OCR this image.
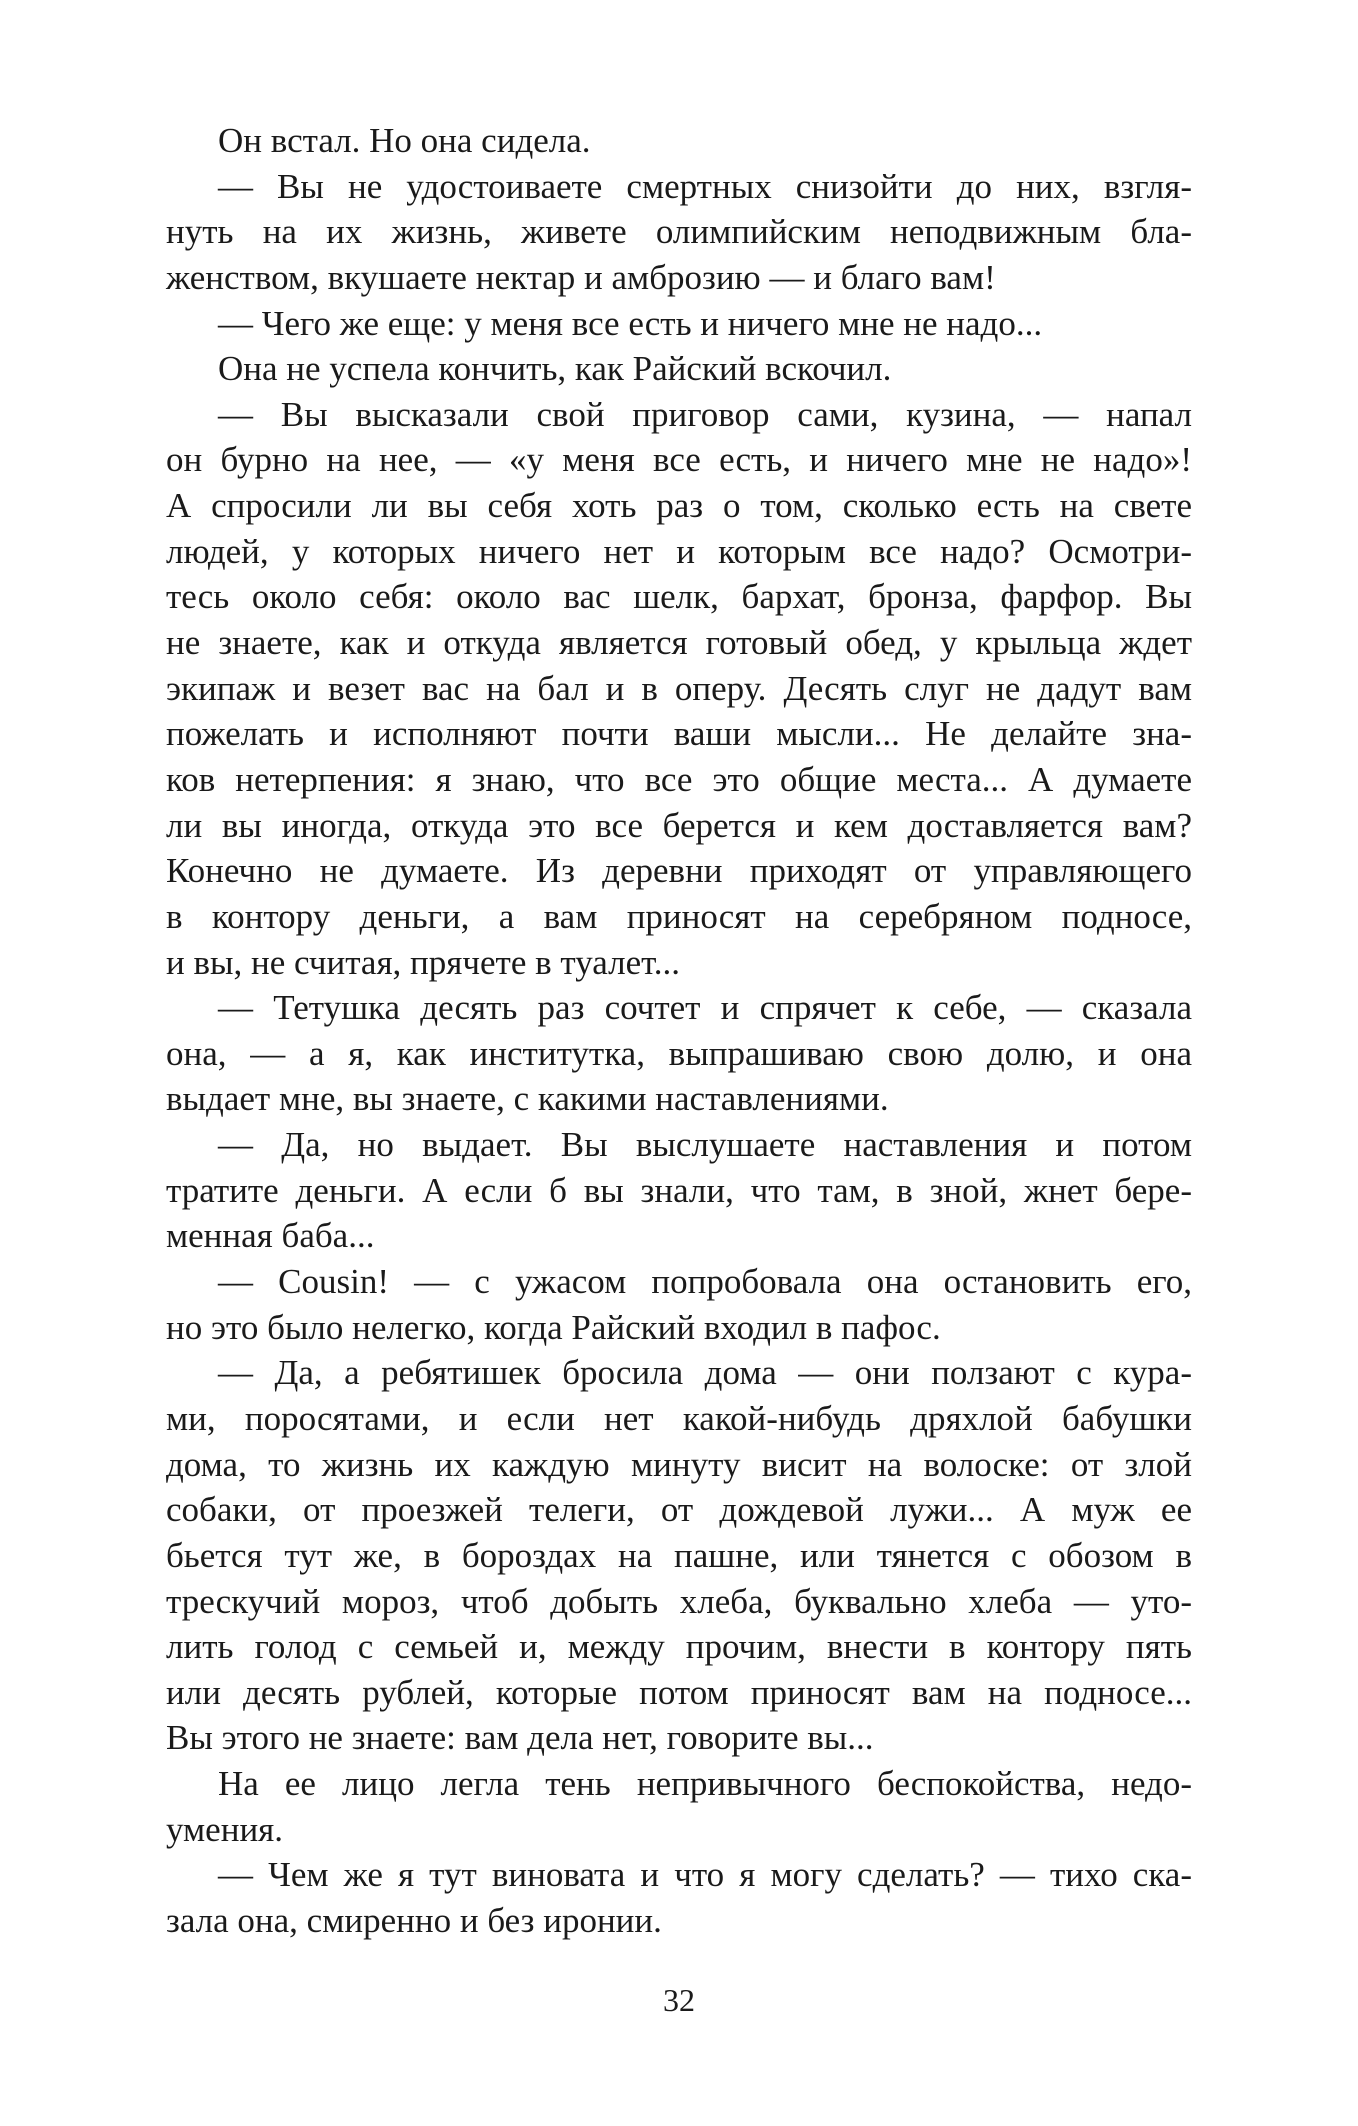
Он встал. Но она сидела.
— Вы не удостоиваете смертных снизойти до них, взгля-
нуть на их жизнь, живете олимпийским неподвижным бла-
женством, вкушаете нектар и амброзию — и благо вам!
— Чего же еще: у меня все есть и ничего мне не надо...
Она не успела кончить, как Райский вскочил.
— Вы высказали свой приговор сами, кузина, — напал
он бурно на нее, — «у меня все есть, и ничего мне не надо»!
А спросили ли вы себя хоть раз о том, сколько есть на свете
людей, у которых ничего нет и которым все надо? Осмотри-
тесь около себя: около вас шелк, бархат, бронза, фарфор. Вы
не знаете, как и откуда является готовый обед, у крыльца ждет
экипаж и везет вас на бал и в оперу. Десять слуг не дадут вам
пожелать и исполняют почти ваши мысли... Не делайте зна-
ков нетерпения: я знаю, что все это общие места... А думаете
ли вы иногда, откуда это все берется и кем доставляется вам?
Конечно не думаете. Из деревни приходят от управляющего
в контору деньги, а вам приносят на серебряном подносе,
и вы, не считая, прячете в туалет...
— Тетушка десять раз сочтет и спрячет к себе, — сказала
она, — а я, как институтка, выпрашиваю свою долю, и она
выдает мне, вы знаете, с какими наставлениями.
— Да, но выдает. Вы выслушаете наставления и потом
тратите деньги. А если б вы знали, что там, в зной, жнет бере-
менная баба...
— Cousin! — с ужасом попробовала она остановить его,
но это было нелегко, когда Райский входил в пафос.
— Да, а ребятишек бросила дома — они ползают с кура-
ми, поросятами, и если нет какой-нибудь дряхлой бабушки
дома, то жизнь их каждую минуту висит на волоске: от злой
собаки, от проезжей телеги, от дождевой лужи... А муж ее
бьется тут же, в бороздах на пашне, или тянется с обозом в
трескучий мороз, чтоб добыть хлеба, буквально хлеба — уто-
лить голод с семьей и, между прочим, внести в контору пять
или десять рублей, которые потом приносят вам на подносе...
Вы этого не знаете: вам дела нет, говорите вы...
На ее лицо легла тень непривычного беспокойства, недо-
умения.
— Чем же я тут виновата и что я могу сделать? — тихо ска-
зала она, смиренно и без иронии.
32
